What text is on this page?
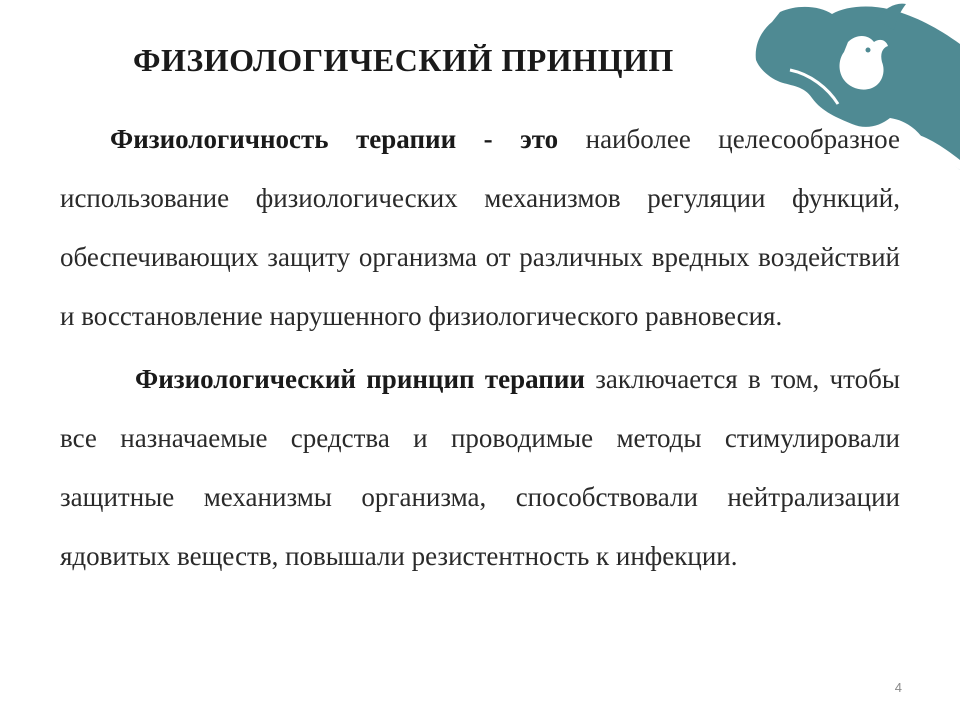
ФИЗИОЛОГИЧЕСКИЙ ПРИНЦИП

Физиологичность терапии - это наиболее целесообразное использование физиологических механизмов регуляции функций, обеспечивающих защиту организма от различных вредных воздействий и восстановление нарушенного физиологического равновесия.

Физиологический принцип терапии заключается в том, чтобы все назначаемые средства и проводимые методы стимулировали защитные механизмы организма, способствовали нейтрализации ядовитых веществ, повышали резистентность к инфекции.

4
